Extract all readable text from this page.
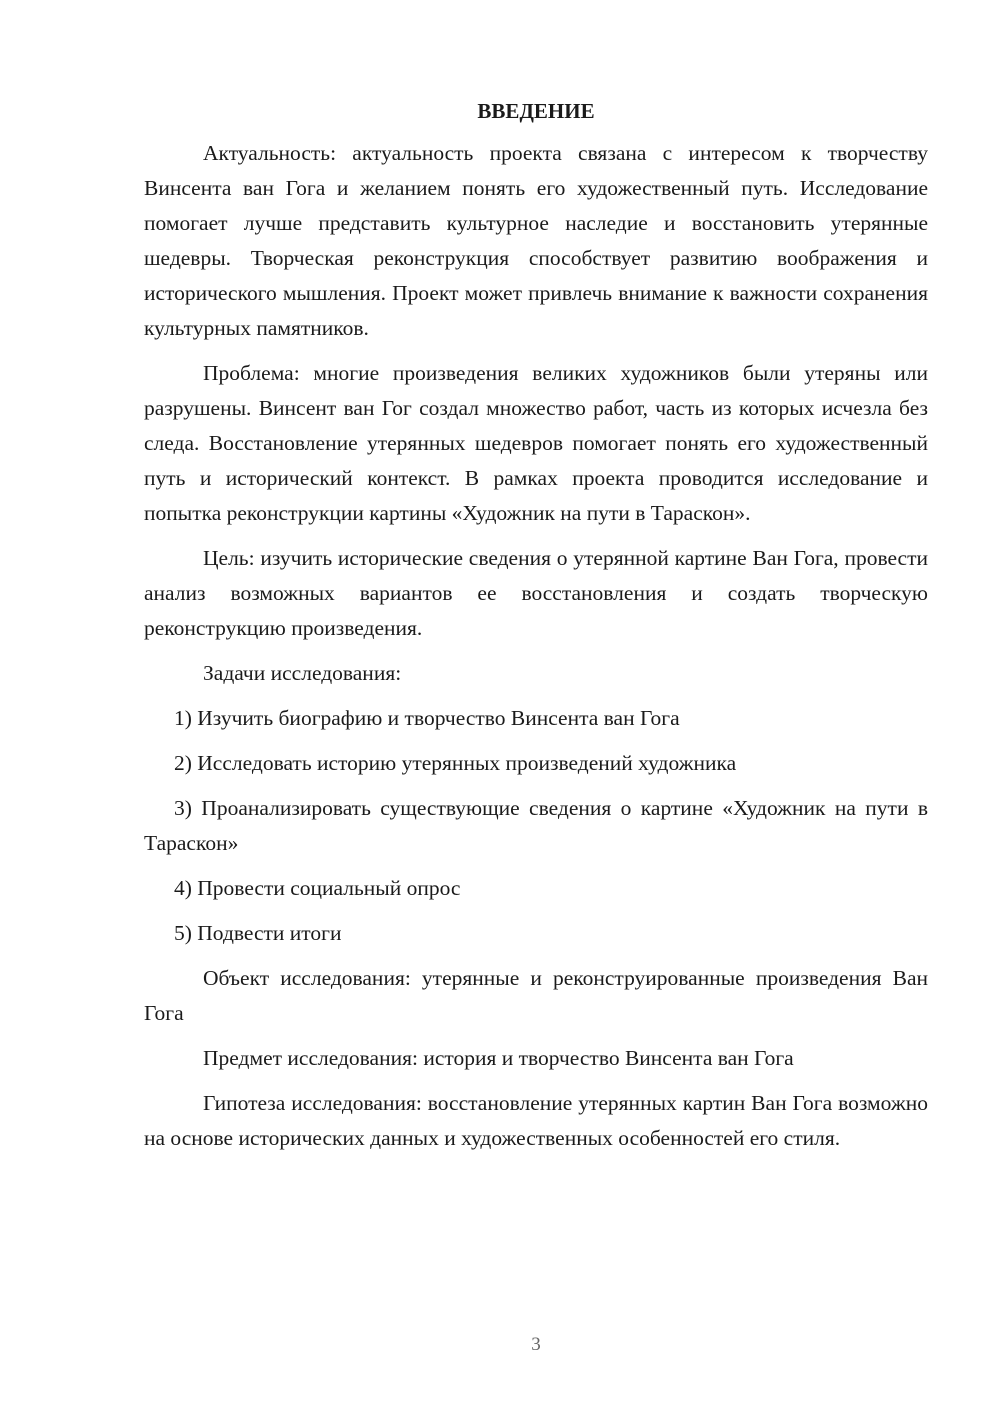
ВВЕДЕНИЕ

Актуальность: актуальность проекта связана с интересом к творчеству Винсента ван Гога и желанием понять его художественный путь. Исследование помогает лучше представить культурное наследие и восстановить утерянные шедевры. Творческая реконструкция способствует развитию воображения и исторического мышления. Проект может привлечь внимание к важности сохранения культурных памятников.

Проблема: многие произведения великих художников были утеряны или разрушены. Винсент ван Гог создал множество работ, часть из которых исчезла без следа. Восстановление утерянных шедевров помогает понять его художественный путь и исторический контекст. В рамках проекта проводится исследование и попытка реконструкции картины «Художник на пути в Тараскон».

Цель: изучить исторические сведения о утерянной картине Ван Гога, провести анализ возможных вариантов ее восстановления и создать творческую реконструкцию произведения.

Задачи исследования:

1) Изучить биографию и творчество Винсента ван Гога

2) Исследовать историю утерянных произведений художника

3) Проанализировать существующие сведения о картине «Художник на пути в Тараскон»

4) Провести социальный опрос

5) Подвести итоги

Объект исследования: утерянные и реконструированные произведения Ван Гога

Предмет исследования: история и творчество Винсента ван Гога

Гипотеза исследования: восстановление утерянных картин Ван Гога возможно на основе исторических данных и художественных особенностей его стиля.

3
